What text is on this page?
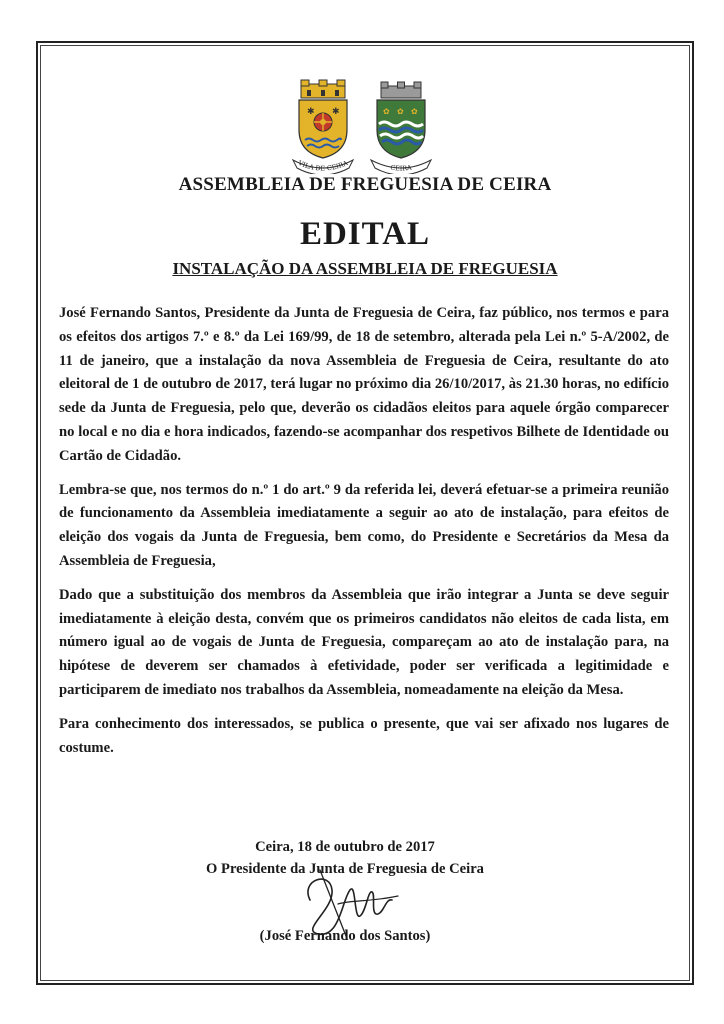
✱ ✱
VILA DE CEIRA
✿ ✿ ✿
CEIRA
ASSEMBLEIA DE FREGUESIA DE CEIRA
EDITAL
INSTALAÇÃO DA ASSEMBLEIA DE FREGUESIA

José Fernando Santos, Presidente da Junta de Freguesia de Ceira, faz público, nos termos e para os efeitos dos artigos 7.º e 8.º da Lei 169/99, de 18 de setembro, alterada pela Lei n.º 5-A/2002, de 11 de janeiro, que a instalação da nova Assembleia de Freguesia de Ceira, resultante do ato eleitoral de 1 de outubro de 2017, terá lugar no próximo dia 26/10/2017, às 21.30 horas, no edifício sede da Junta de Freguesia, pelo que, deverão os cidadãos eleitos para aquele órgão comparecer no local e no dia e hora indicados, fazendo-se acompanhar dos respetivos Bilhete de Identidade ou Cartão de Cidadão.

Lembra-se que, nos termos do n.º 1 do art.º 9 da referida lei, deverá efetuar-se a primeira reunião de funcionamento da Assembleia imediatamente a seguir ao ato de instalação, para efeitos de eleição dos vogais da Junta de Freguesia, bem como, do Presidente e Secretários da Mesa da Assembleia de Freguesia,

Dado que a substituição dos membros da Assembleia que irão integrar a Junta se deve seguir imediatamente à eleição desta, convém que os primeiros candidatos não eleitos de cada lista, em número igual ao de vogais de Junta de Freguesia, compareçam ao ato de instalação para, na hipótese de deverem ser chamados à efetividade, poder ser verificada a legitimidade e participarem de imediato nos trabalhos da Assembleia, nomeadamente na eleição da Mesa.

Para conhecimento dos interessados, se publica o presente, que vai ser afixado nos lugares de costume.

Ceira, 18 de outubro de 2017
O Presidente da Junta de Freguesia de Ceira
(José Fernando dos Santos)
